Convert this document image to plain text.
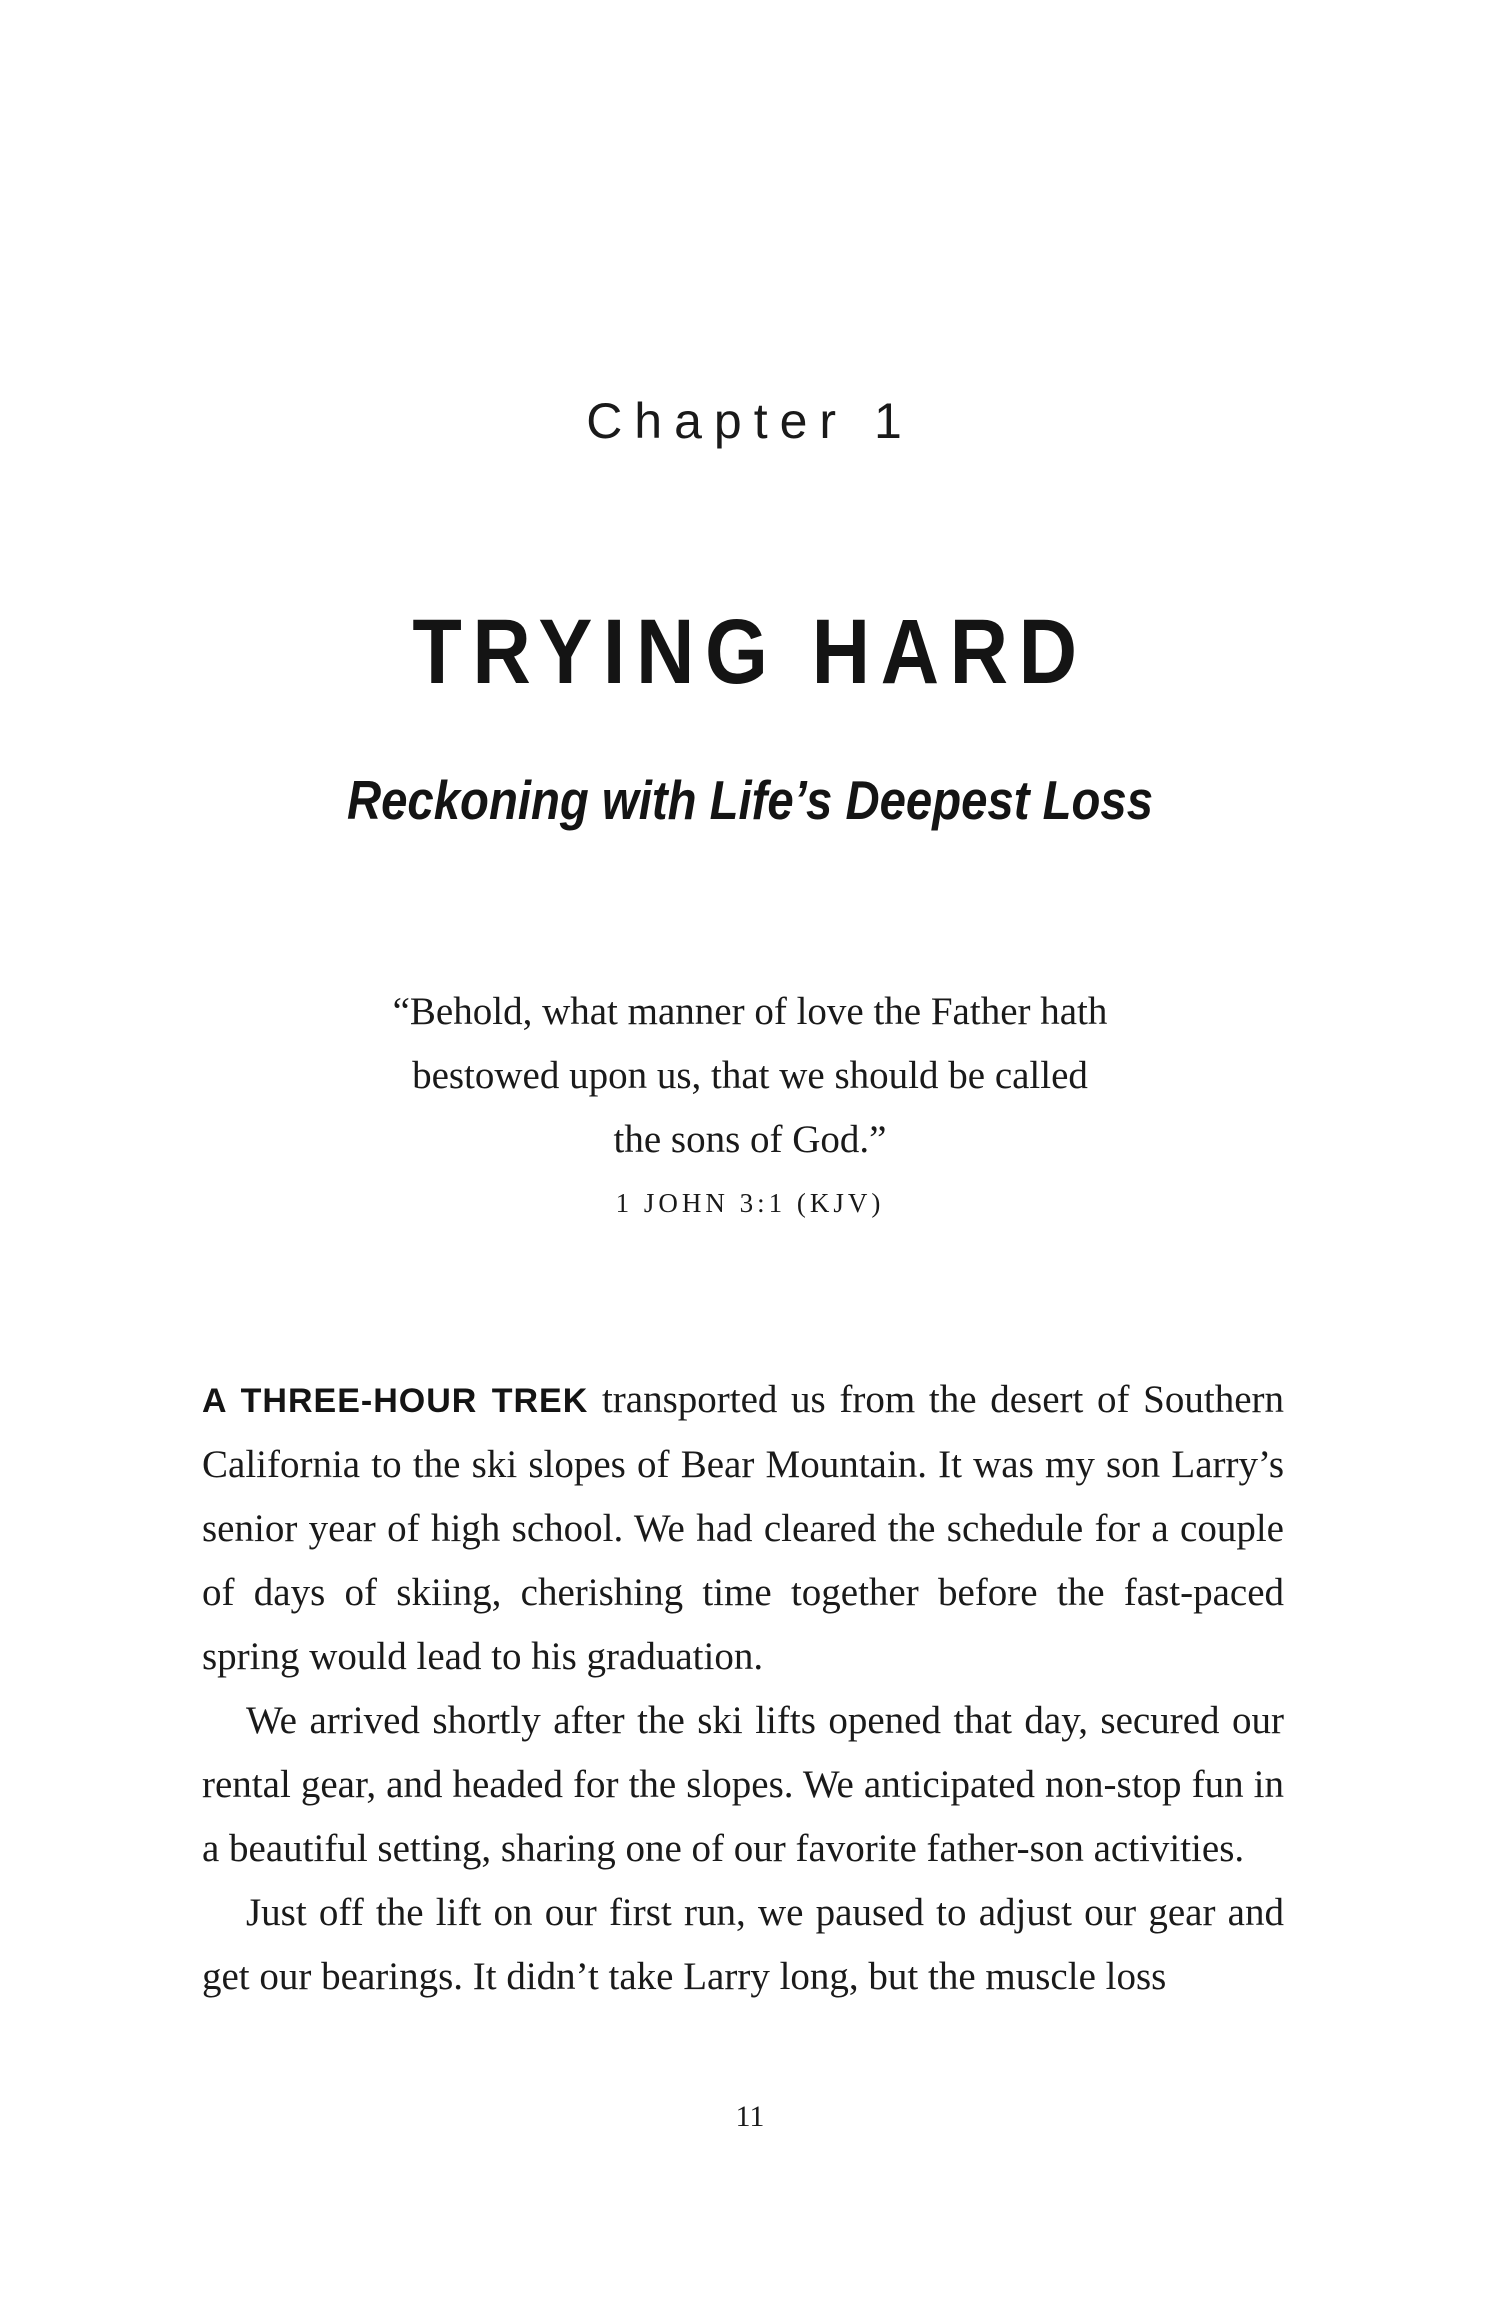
Chapter 1
TRYING HARD
Reckoning with Life’s Deepest Loss
“Behold, what manner of love the Father hath
bestowed upon us, that we should be called
the sons of God.”
1 JOHN 3:1 (KJV)

A THREE-HOUR TREK transported us from the desert of Southern California to the ski slopes of Bear Mountain. It was my son Larry’s senior year of high school. We had cleared the schedule for a couple of days of skiing, cherishing time together before the fast-paced spring would lead to his graduation.

We arrived shortly after the ski lifts opened that day, secured our rental gear, and headed for the slopes. We anticipated non-stop fun in a beautiful setting, sharing one of our favorite father-son activities.

Just off the lift on our first run, we paused to adjust our gear and get our bearings. It didn’t take Larry long, but the muscle loss

11
